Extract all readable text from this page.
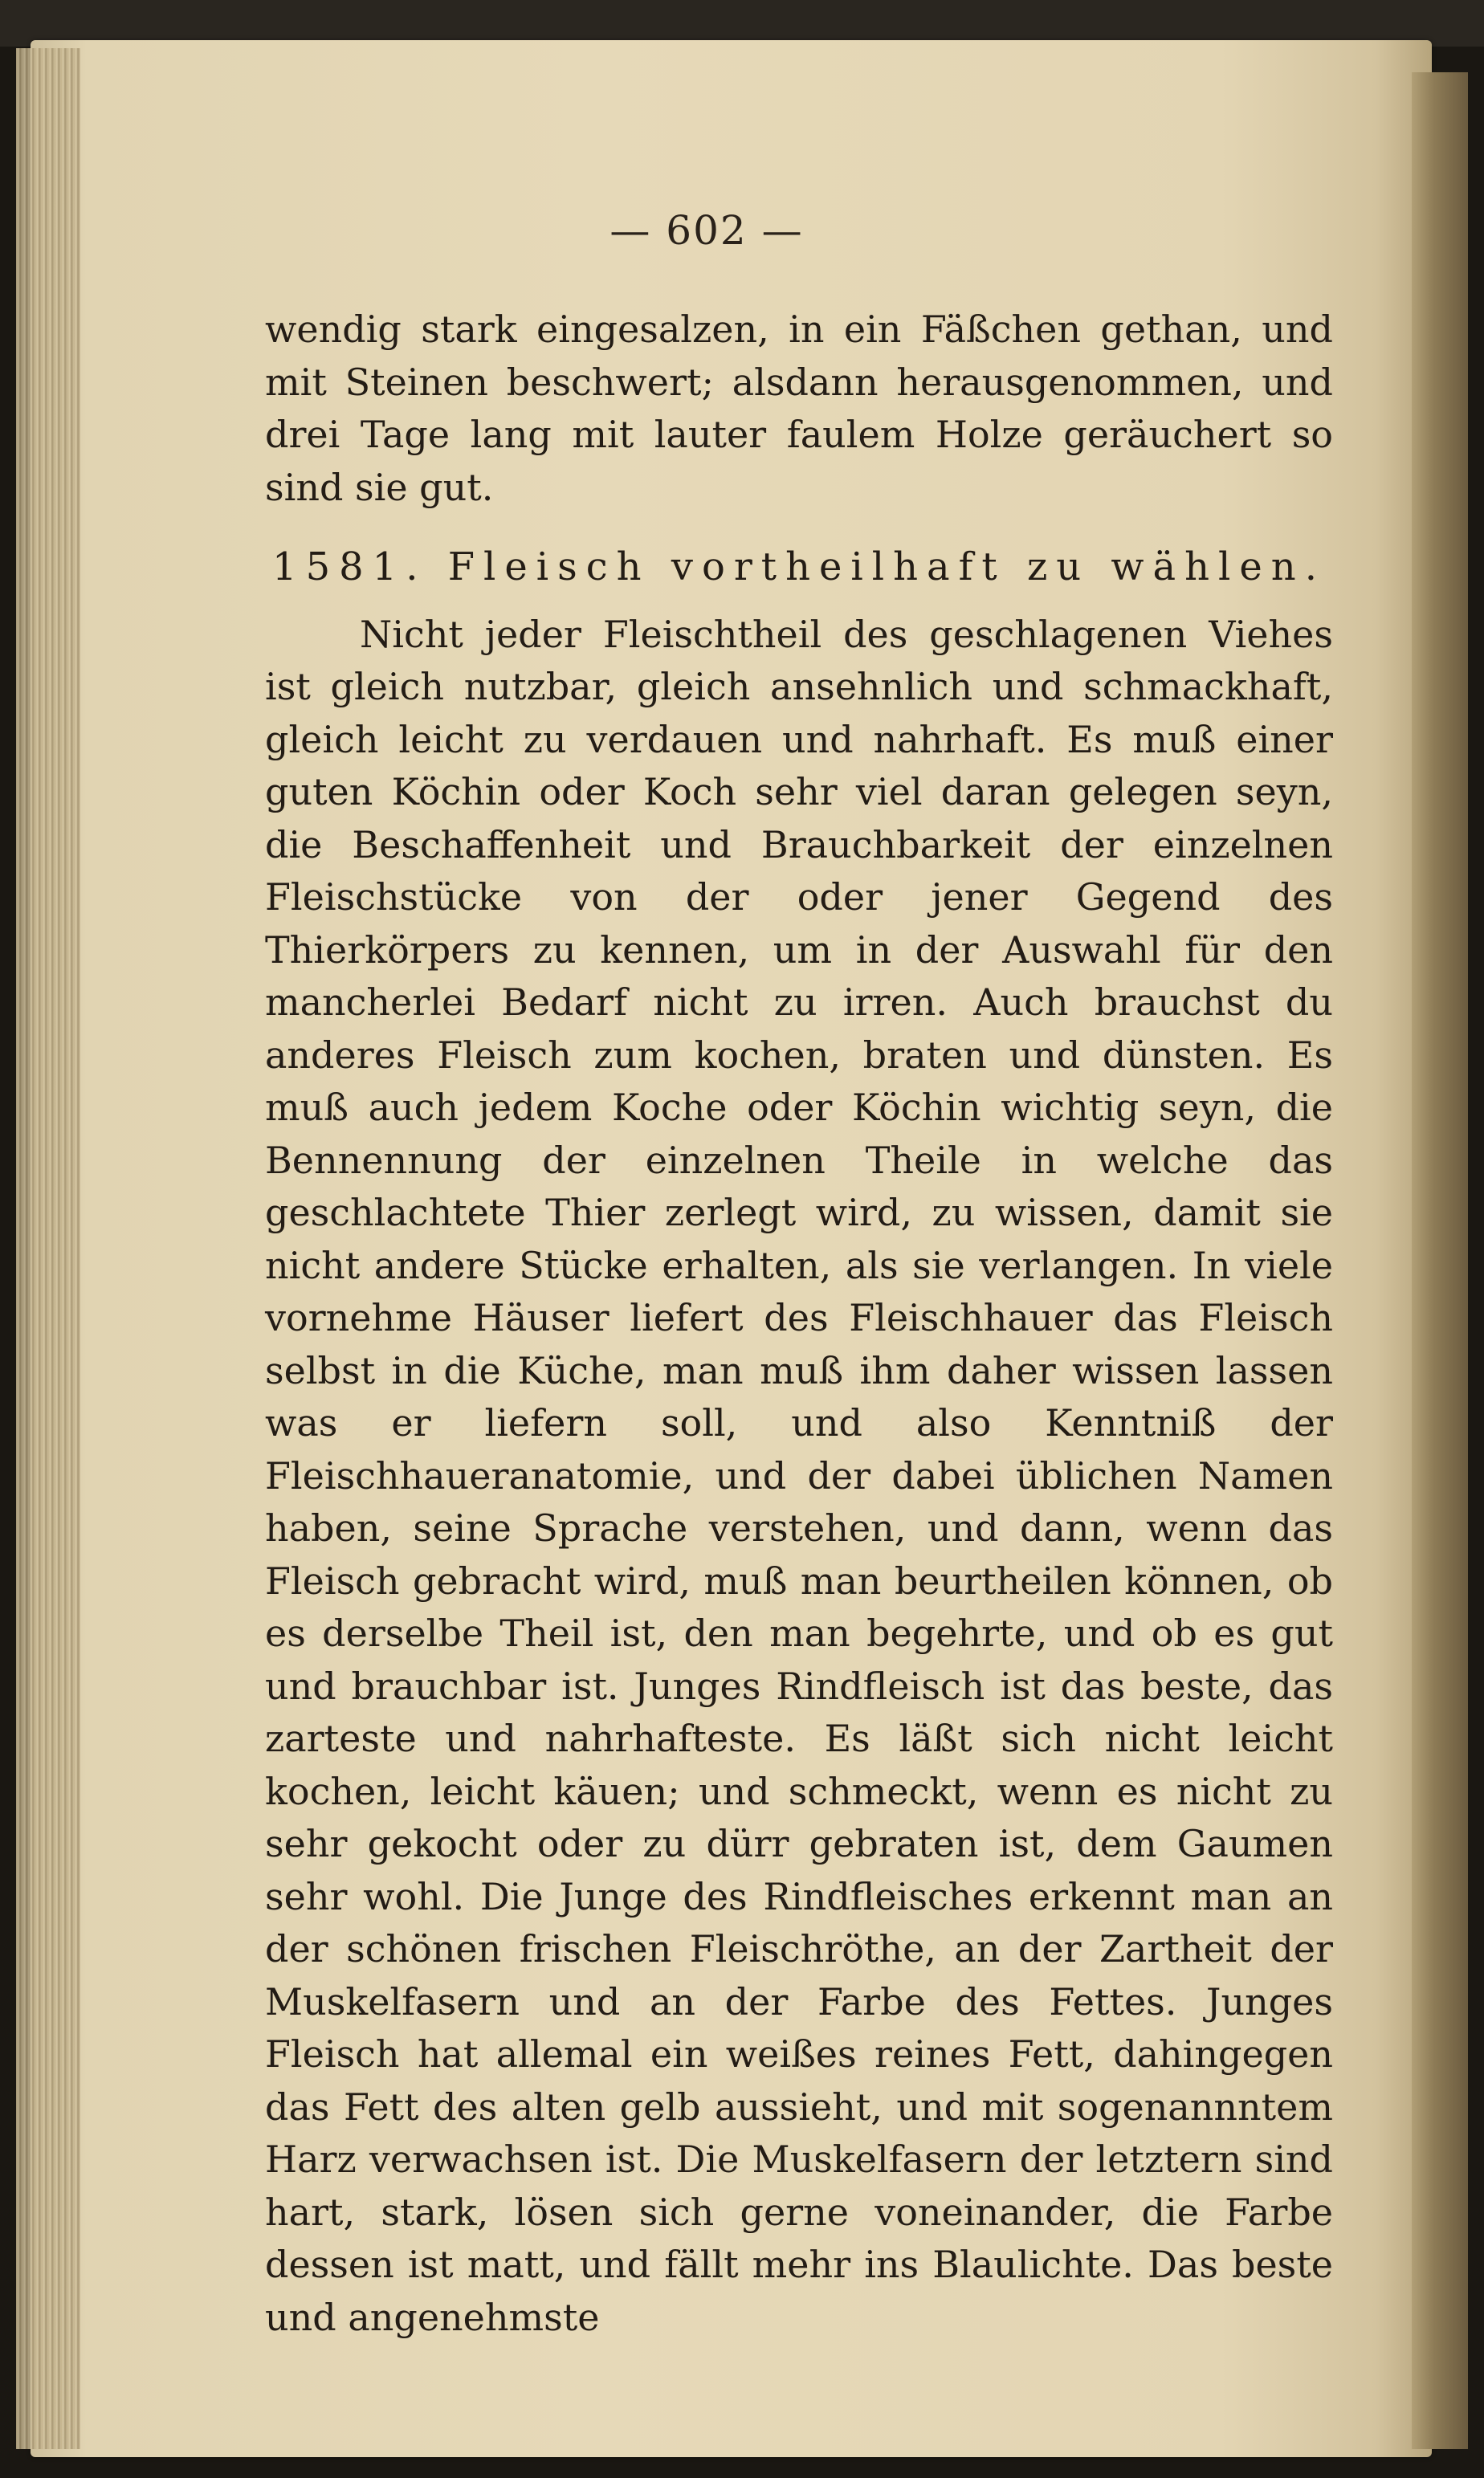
— 602 —

wendig stark eingesalzen, in ein Fäßchen gethan, und mit Steinen beschwert; alsdann herausgenommen, und drei Tage lang mit lauter faulem Holze geräuchert so sind sie gut.

1581. Fleisch vortheilhaft zu wählen.

Nicht jeder Fleischtheil des geschlagenen Viehes ist gleich nutzbar, gleich ansehnlich und schmackhaft, gleich leicht zu verdauen und nahrhaft. Es muß einer guten Köchin oder Koch sehr viel daran gelegen seyn, die Beschaffenheit und Brauchbarkeit der einzelnen Fleischstücke von der oder jener Gegend des Thierkörpers zu kennen, um in der Auswahl für den mancherlei Bedarf nicht zu irren. Auch brauchst du anderes Fleisch zum kochen, braten und dünsten. Es muß auch jedem Koche oder Köchin wichtig seyn, die Bennennung der einzelnen Theile in welche das geschlachtete Thier zerlegt wird, zu wissen, damit sie nicht andere Stücke erhalten, als sie verlangen. In viele vornehme Häuser liefert des Fleischhauer das Fleisch selbst in die Küche, man muß ihm daher wissen lassen was er liefern soll, und also Kenntniß der Fleischhaueranatomie, und der dabei üblichen Namen haben, seine Sprache verstehen, und dann, wenn das Fleisch gebracht wird, muß man beurtheilen können, ob es derselbe Theil ist, den man begehrte, und ob es gut und brauchbar ist. Junges Rindfleisch ist das beste, das zarteste und nahrhafteste. Es läßt sich nicht leicht kochen, leicht käuen; und schmeckt, wenn es nicht zu sehr gekocht oder zu dürr gebraten ist, dem Gaumen sehr wohl. Die Junge des Rindfleisches erkennt man an der schönen frischen Fleischröthe, an der Zartheit der Muskelfasern und an der Farbe des Fettes. Junges Fleisch hat allemal ein weißes reines Fett, dahingegen das Fett des alten gelb aussieht, und mit sogenannntem Harz verwachsen ist. Die Muskelfasern der letztern sind hart, stark, lösen sich gerne voneinander, die Farbe dessen ist matt, und fällt mehr ins Blaulichte. Das beste und angenehmste
